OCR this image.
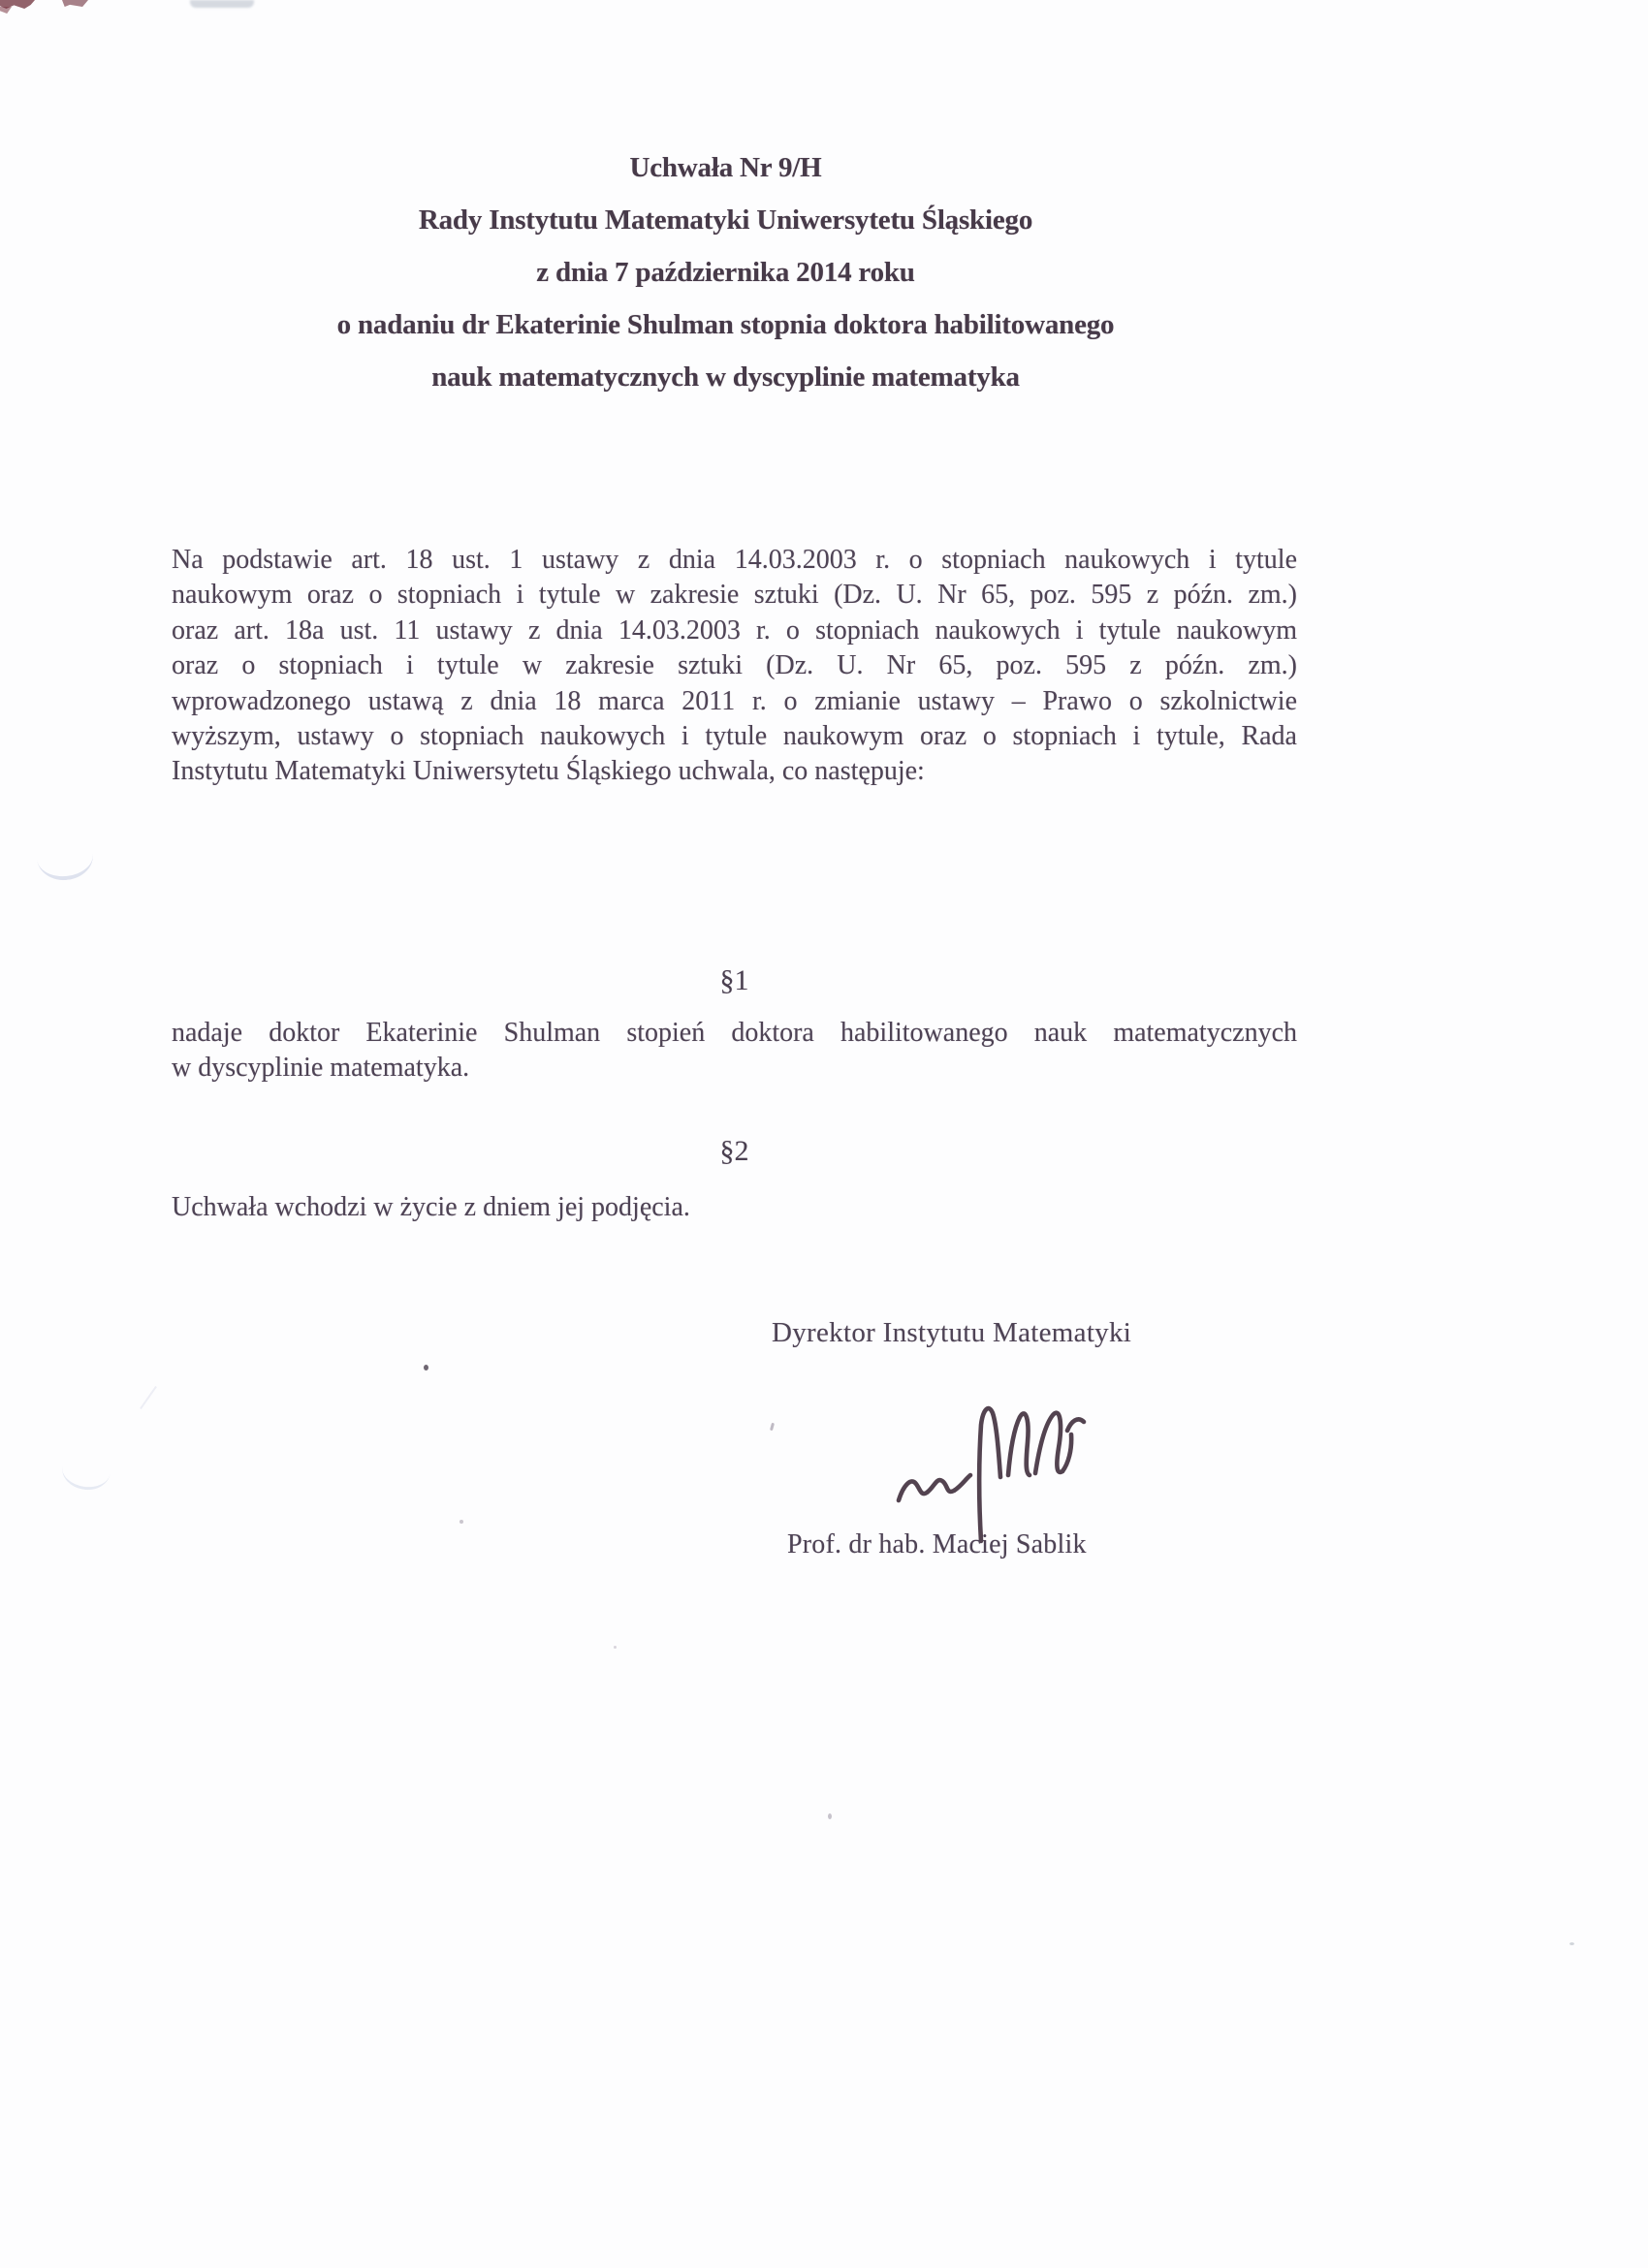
Uchwała Nr 9/H
Rady Instytutu Matematyki Uniwersytetu Śląskiego
z dnia 7 października 2014 roku
o nadaniu dr Ekaterinie Shulman stopnia doktora habilitowanego
nauk matematycznych w dyscyplinie matematyka
Na podstawie art. 18 ust. 1 ustawy z dnia 14.03.2003 r. o stopniach naukowych i tytule
naukowym oraz o stopniach i tytule w zakresie sztuki (Dz. U. Nr 65, poz. 595 z późn. zm.)
oraz art. 18a ust. 11 ustawy z dnia 14.03.2003 r. o stopniach naukowych i tytule naukowym
oraz o stopniach i tytule w zakresie sztuki (Dz. U. Nr 65, poz. 595 z późn. zm.)
wprowadzonego ustawą z dnia 18 marca 2011 r. o zmianie ustawy – Prawo o szkolnictwie
wyższym, ustawy o stopniach naukowych i tytule naukowym oraz o stopniach i tytule, Rada
Instytutu Matematyki Uniwersytetu Śląskiego uchwala, co następuje:
§1
nadaje doktor Ekaterinie Shulman stopień doktora habilitowanego nauk matematycznych
w dyscyplinie matematyka.
§2
Uchwała wchodzi w życie z dniem jej podjęcia.
Dyrektor Instytutu Matematyki
Prof. dr hab. Maciej Sablik
